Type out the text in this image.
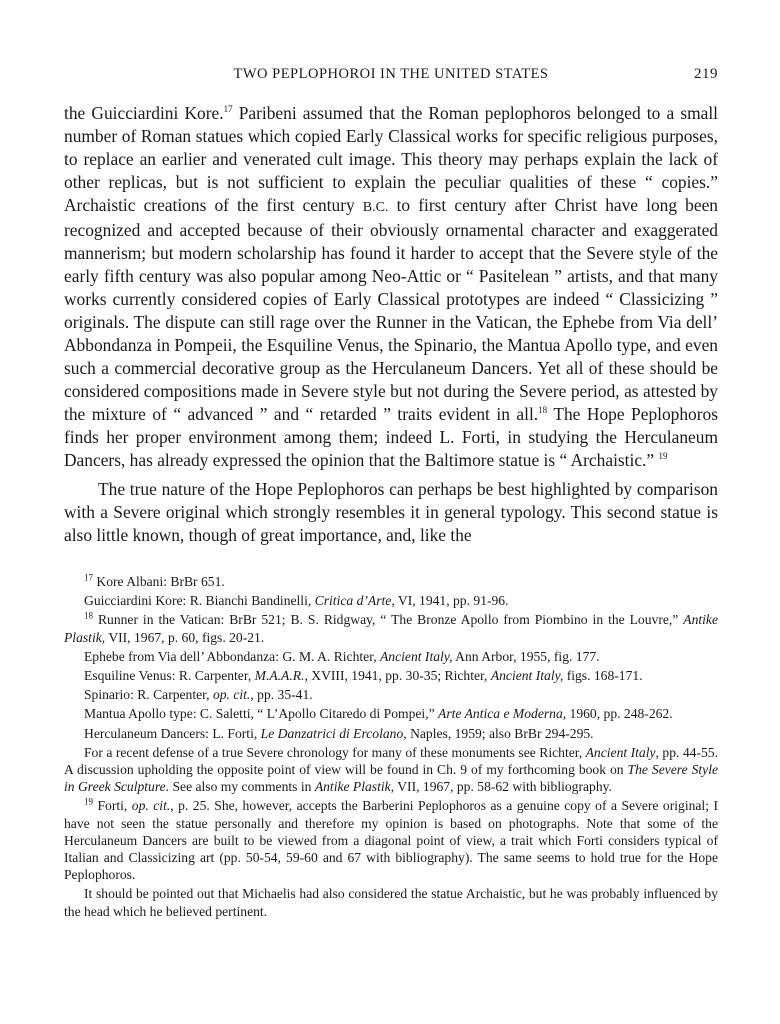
TWO PEPLOPHOROI IN THE UNITED STATES	219

the Guicciardini Kore.$^{17}$ Paribeni assumed that the Roman peplophoros belonged to a small number of Roman statues which copied Early Classical works for specific religious purposes, to replace an earlier and venerated cult image. This theory may perhaps explain the lack of other replicas, but is not sufficient to explain the peculiar qualities of these “ copies.” Archaistic creations of the first century B.C. to first century after Christ have long been recognized and accepted because of their obviously ornamental character and exaggerated mannerism; but modern scholarship has found it harder to accept that the Severe style of the early fifth century was also popular among Neo-Attic or “ Pasitelean ” artists, and that many works currently considered copies of Early Classical prototypes are indeed “ Classicizing ” originals. The dispute can still rage over the Runner in the Vatican, the Ephebe from Via dell’ Abbondanza in Pompeii, the Esquiline Venus, the Spinario, the Mantua Apollo type, and even such a commercial decorative group as the Herculaneum Dancers. Yet all of these should be considered compositions made in Severe style but not during the Severe period, as attested by the mixture of “ advanced ” and “ retarded ” traits evident in all.$^{18}$ The Hope Peplophoros finds her proper environment among them; indeed L. Forti, in studying the Herculaneum Dancers, has already expressed the opinion that the Baltimore statue is “ Archaistic.” $^{19}$

The true nature of the Hope Peplophoros can perhaps be best highlighted by comparison with a Severe original which strongly resembles it in general typology. This second statue is also little known, though of great importance, and, like the

$^{17}$ Kore Albani: BrBr 651.

Guicciardini Kore: R. Bianchi Bandinelli, Critica d’Arte, VI, 1941, pp. 91-96.

$^{18}$ Runner in the Vatican: BrBr 521; B. S. Ridgway, “ The Bronze Apollo from Piombino in the Louvre,” Antike Plastik, VII, 1967, p. 60, figs. 20-21.

Ephebe from Via dell’ Abbondanza: G. M. A. Richter, Ancient Italy, Ann Arbor, 1955, fig. 177.

Esquiline Venus: R. Carpenter, M.A.A.R., XVIII, 1941, pp. 30-35; Richter, Ancient Italy, figs. 168-171.

Spinario: R. Carpenter, op. cit., pp. 35-41.

Mantua Apollo type: C. Saletti, “ L’Apollo Citaredo di Pompei,” Arte Antica e Moderna, 1960, pp. 248-262.

Herculaneum Dancers: L. Forti, Le Danzatrici di Ercolano, Naples, 1959; also BrBr 294-295.

For a recent defense of a true Severe chronology for many of these monuments see Richter, Ancient Italy, pp. 44-55. A discussion upholding the opposite point of view will be found in Ch. 9 of my forthcoming book on The Severe Style in Greek Sculpture. See also my comments in Antike Plastik, VII, 1967, pp. 58-62 with bibliography.

$^{19}$ Forti, op. cit., p. 25. She, however, accepts the Barberini Peplophoros as a genuine copy of a Severe original; I have not seen the statue personally and therefore my opinion is based on photographs. Note that some of the Herculaneum Dancers are built to be viewed from a diagonal point of view, a trait which Forti considers typical of Italian and Classicizing art (pp. 50-54, 59-60 and 67 with bibliography). The same seems to hold true for the Hope Peplophoros.

It should be pointed out that Michaelis had also considered the statue Archaistic, but he was probably influenced by the head which he believed pertinent.
